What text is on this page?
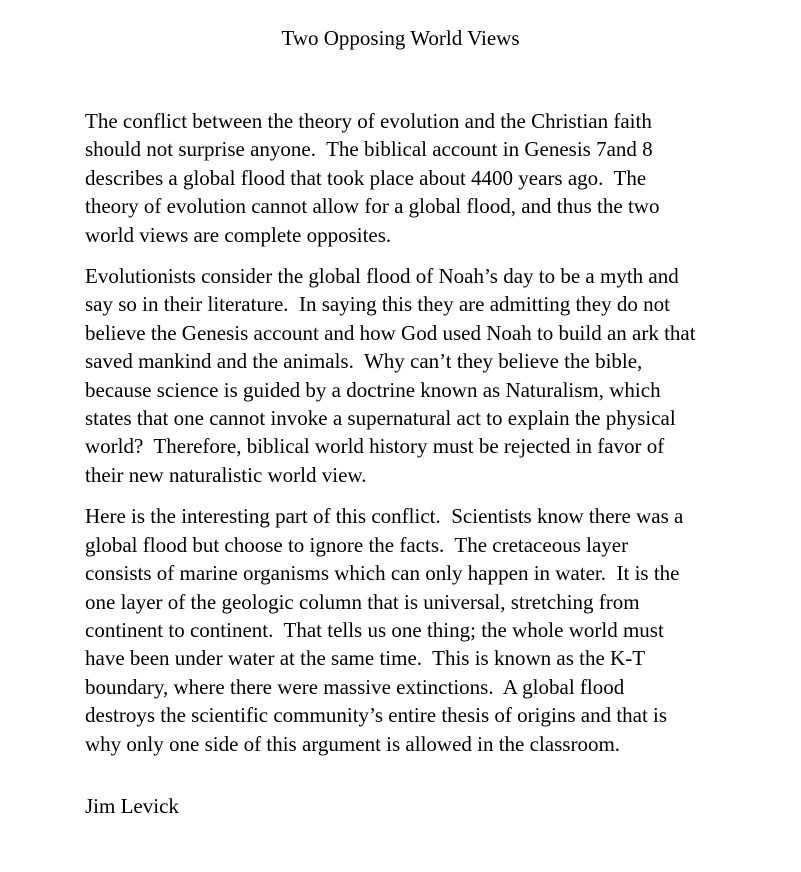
Two Opposing World Views
The conflict between the theory of evolution and the Christian faith
should not surprise anyone.  The biblical account in Genesis 7and 8
describes a global flood that took place about 4400 years ago.  The
theory of evolution cannot allow for a global flood, and thus the two
world views are complete opposites.
Evolutionists consider the global flood of Noah’s day to be a myth and
say so in their literature.  In saying this they are admitting they do not
believe the Genesis account and how God used Noah to build an ark that
saved mankind and the animals.  Why can’t they believe the bible,
because science is guided by a doctrine known as Naturalism, which
states that one cannot invoke a supernatural act to explain the physical
world?  Therefore, biblical world history must be rejected in favor of
their new naturalistic world view.
Here is the interesting part of this conflict.  Scientists know there was a
global flood but choose to ignore the facts.  The cretaceous layer
consists of marine organisms which can only happen in water.  It is the
one layer of the geologic column that is universal, stretching from
continent to continent.  That tells us one thing; the whole world must
have been under water at the same time.  This is known as the K-T
boundary, where there were massive extinctions.  A global flood
destroys the scientific community’s entire thesis of origins and that is
why only one side of this argument is allowed in the classroom.
Jim Levick
